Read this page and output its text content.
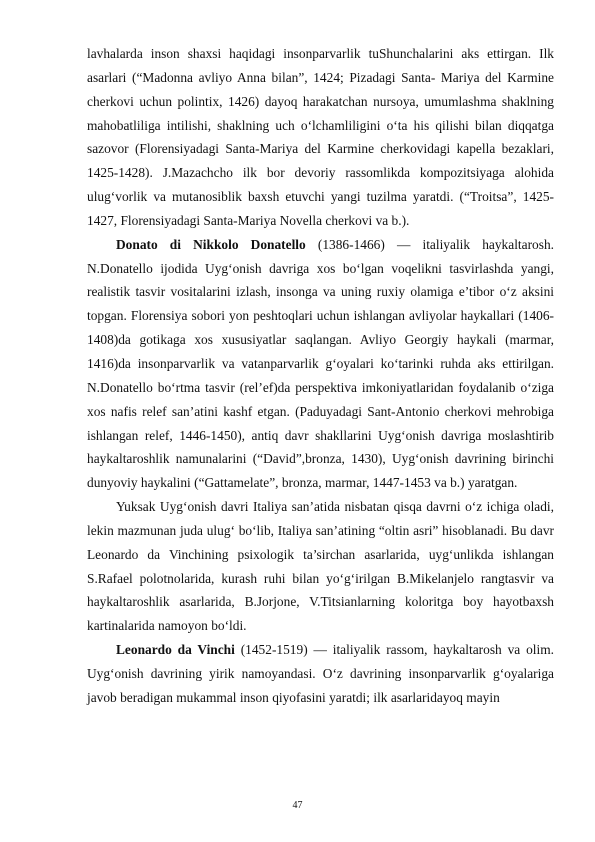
lavhalarda inson shaxsi haqidagi insonparvarlik tuShunchalarini aks ettirgan. Ilk asarlari (“Madonna avliyo Anna bilan”, 1424; Pizadagi Santa- Mariya del Karmine cherkovi uchun polintix, 1426) dayoq harakatchan nursoya, umumlashma shaklning mahobatliliga intilishi, shaklning uch o‘lchamliligini o‘ta his qilishi bilan diqqatga sazovor (Florensiyadagi Santa-Mariya del Karmine cherkovidagi kapella bezaklari, 1425-1428). J.Mazachcho ilk bor devoriy rassomlikda kompozitsiyaga alohida ulug‘vorlik va mutanosiblik baxsh etuvchi yangi tuzilma yaratdi. (“Troitsa”, 1425-1427, Florensiyadagi Santa-Mariya Novella cherkovi va b.).

Donato di Nikkolo Donatello (1386-1466) — italiyalik haykaltarosh. N.Donatello ijodida Uyg‘onish davriga xos bo‘lgan voqelikni tasvirlashda yangi, realistik tasvir vositalarini izlash, insonga va uning ruxiy olamiga e’tibor o‘z aksini topgan. Florensiya sobori yon peshtoqlari uchun ishlangan avliyolar haykallari (1406-1408)da gotikaga xos xususiyatlar saqlangan. Avliyo Georgiy haykali (marmar, 1416)da insonparvarlik va vatanparvarlik g‘oyalari ko‘tarinki ruhda aks ettirilgan. N.Donatello bo‘rtma tasvir (rel’ef)da perspektiva imkoniyatlaridan foydalanib o‘ziga xos nafis relef san’atini kashf etgan. (Paduyadagi Sant-Antonio cherkovi mehrobiga ishlangan relef, 1446-1450), antiq davr shakllarini Uyg‘onish davriga moslashtirib haykaltaroshlik namunalarini (“David”,bronza, 1430), Uyg‘onish davrining birinchi dunyoviy haykalini (“Gattamelate”, bronza, marmar, 1447-1453 va b.) yaratgan.

Yuksak Uyg‘onish davri Italiya san’atida nisbatan qisqa davrni o‘z ichiga oladi, lekin mazmunan juda ulug‘ bo‘lib, Italiya san’atining “oltin asri” hisoblanadi. Bu davr Leonardo da Vinchining psixologik ta’sirchan asarlarida, uyg‘unlikda ishlangan S.Rafael polotnolarida, kurash ruhi bilan yo‘g‘irilgan B.Mikelanjelo rangtasvir va haykaltaroshlik asarlarida, B.Jorjone, V.Titsianlarning koloritga boy hayotbaxsh kartinalarida namoyon bo‘ldi.

Leonardo da Vinchi (1452-1519) — italiyalik rassom, haykaltarosh va olim. Uyg‘onish davrining yirik namoyandasi. O‘z davrining insonparvarlik g‘oyalariga javob beradigan mukammal inson qiyofasini yaratdi; ilk asarlaridayoq mayin

47
